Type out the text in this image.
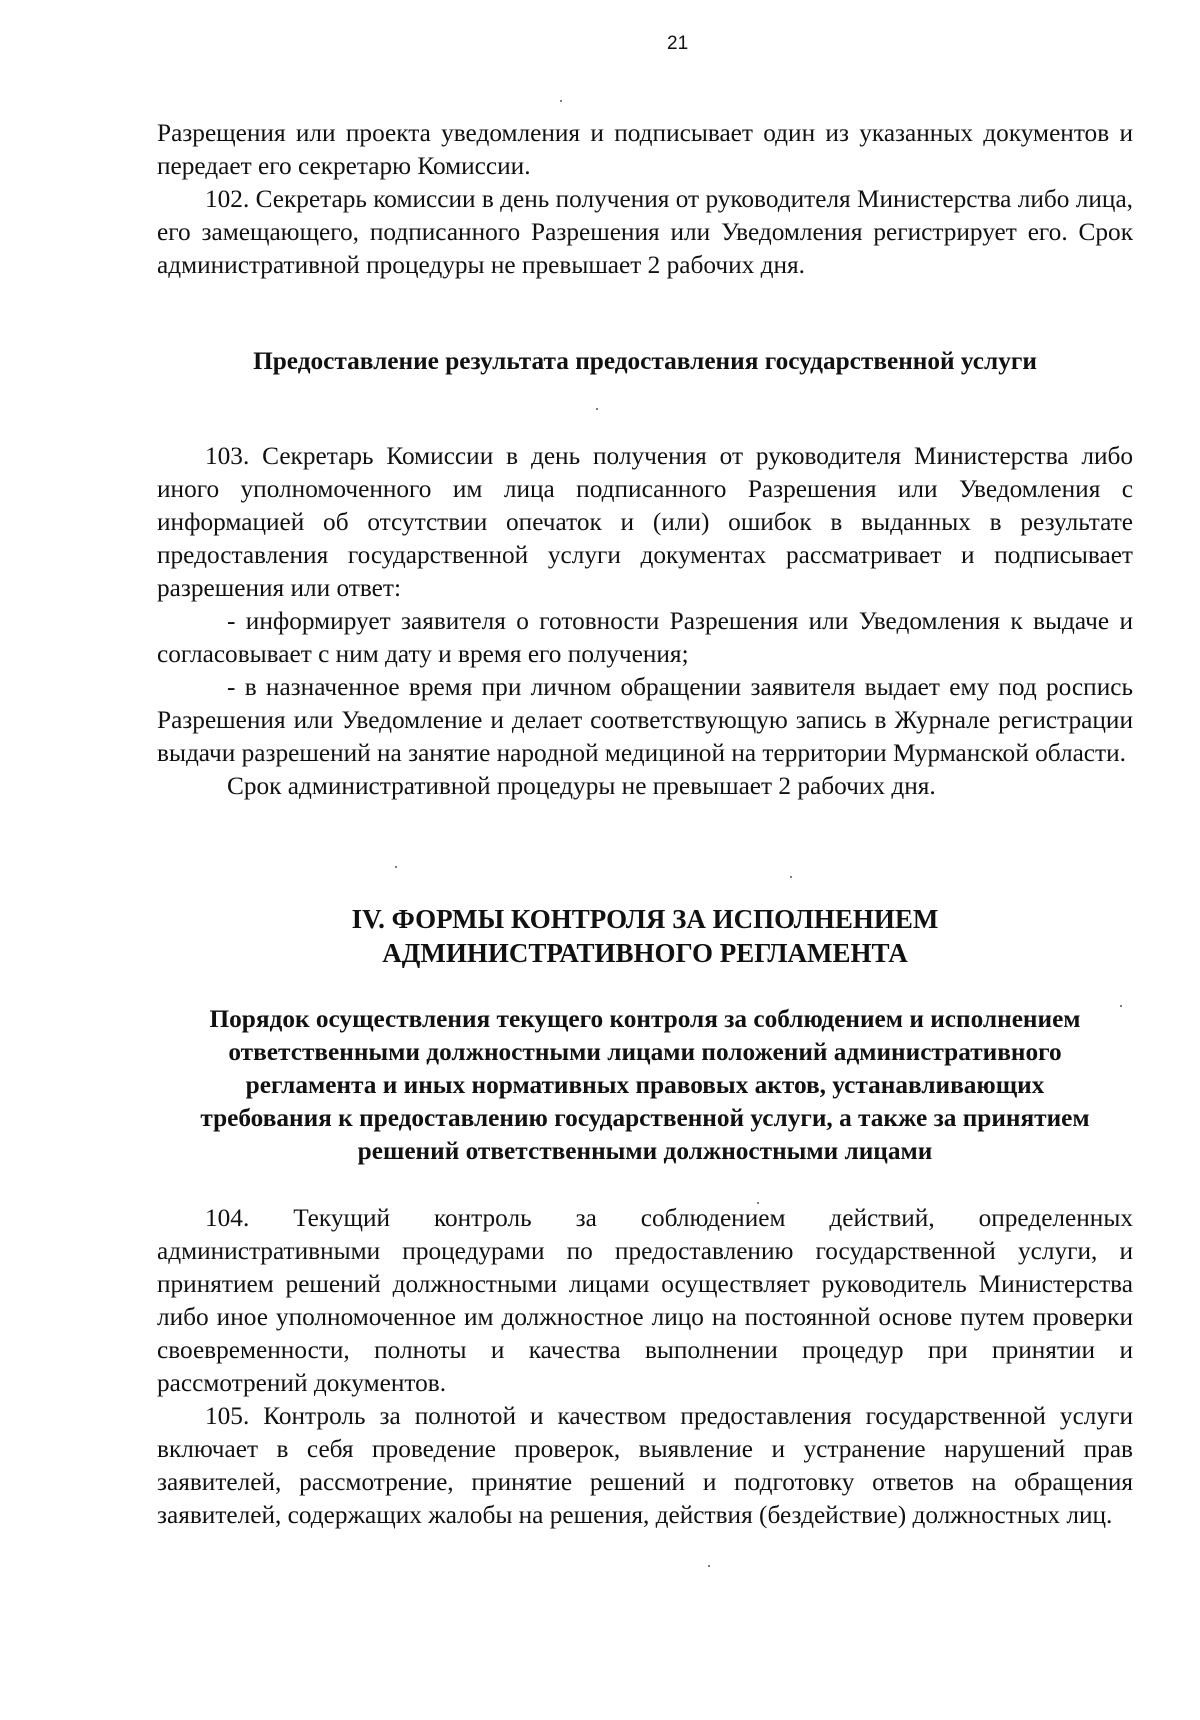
21

Разрещения или проекта уведомления и подписывает один из указанных документов и передает его секретарю Комиссии.

102. Секретарь комиссии в день получения от руководителя Министерства либо лица, его замещающего, подписанного Разрешения или Уведомления регистрирует его. Срок административной процедуры не превышает 2 рабочих дня.

Предоставление результата предоставления государственной услуги

103. Секретарь Комиссии в день получения от руководителя Министерства либо иного уполномоченного им лица подписанного Разрешения или Уведомления с информацией об отсутствии опечаток и (или) ошибок в выданных в результате предоставления государственной услуги документах рассматривает и подписывает разрешения или ответ:

- информирует заявителя о готовности Разрешения или Уведомления к выдаче и согласовывает с ним дату и время его получения;

- в назначенное время при личном обращении заявителя выдает ему под роспись Разрешения или Уведомление и делает соответствующую запись в Журнале регистрации выдачи разрешений на занятие народной медициной на территории Мурманской области.

Срок административной процедуры не превышает 2 рабочих дня.

IV. ФОРМЫ КОНТРОЛЯ ЗА ИСПОЛНЕНИЕМ

АДМИНИСТРАТИВНОГО РЕГЛАМЕНТА

Порядок осуществления текущего контроля за соблюдением и исполнением ответственными должностными лицами положений административного регламента и иных нормативных правовых актов, устанавливающих требования к предоставлению государственной услуги, а также за принятием решений ответственными должностными лицами

104. Текущий контроль за соблюдением действий, определенных административными процедурами по предоставлению государственной услуги, и принятием решений должностными лицами осуществляет руководитель Министерства либо иное уполномоченное им должностное лицо на постоянной основе путем проверки своевременности, полноты и качества выполнении процедур при принятии и рассмотрений документов.

105. Контроль за полнотой и качеством предоставления государственной услуги включает в себя проведение проверок, выявление и устранение нарушений прав заявителей, рассмотрение, принятие решений и подготовку ответов на обращения заявителей, содержащих жалобы на решения, действия (бездействие) должностных лиц.
